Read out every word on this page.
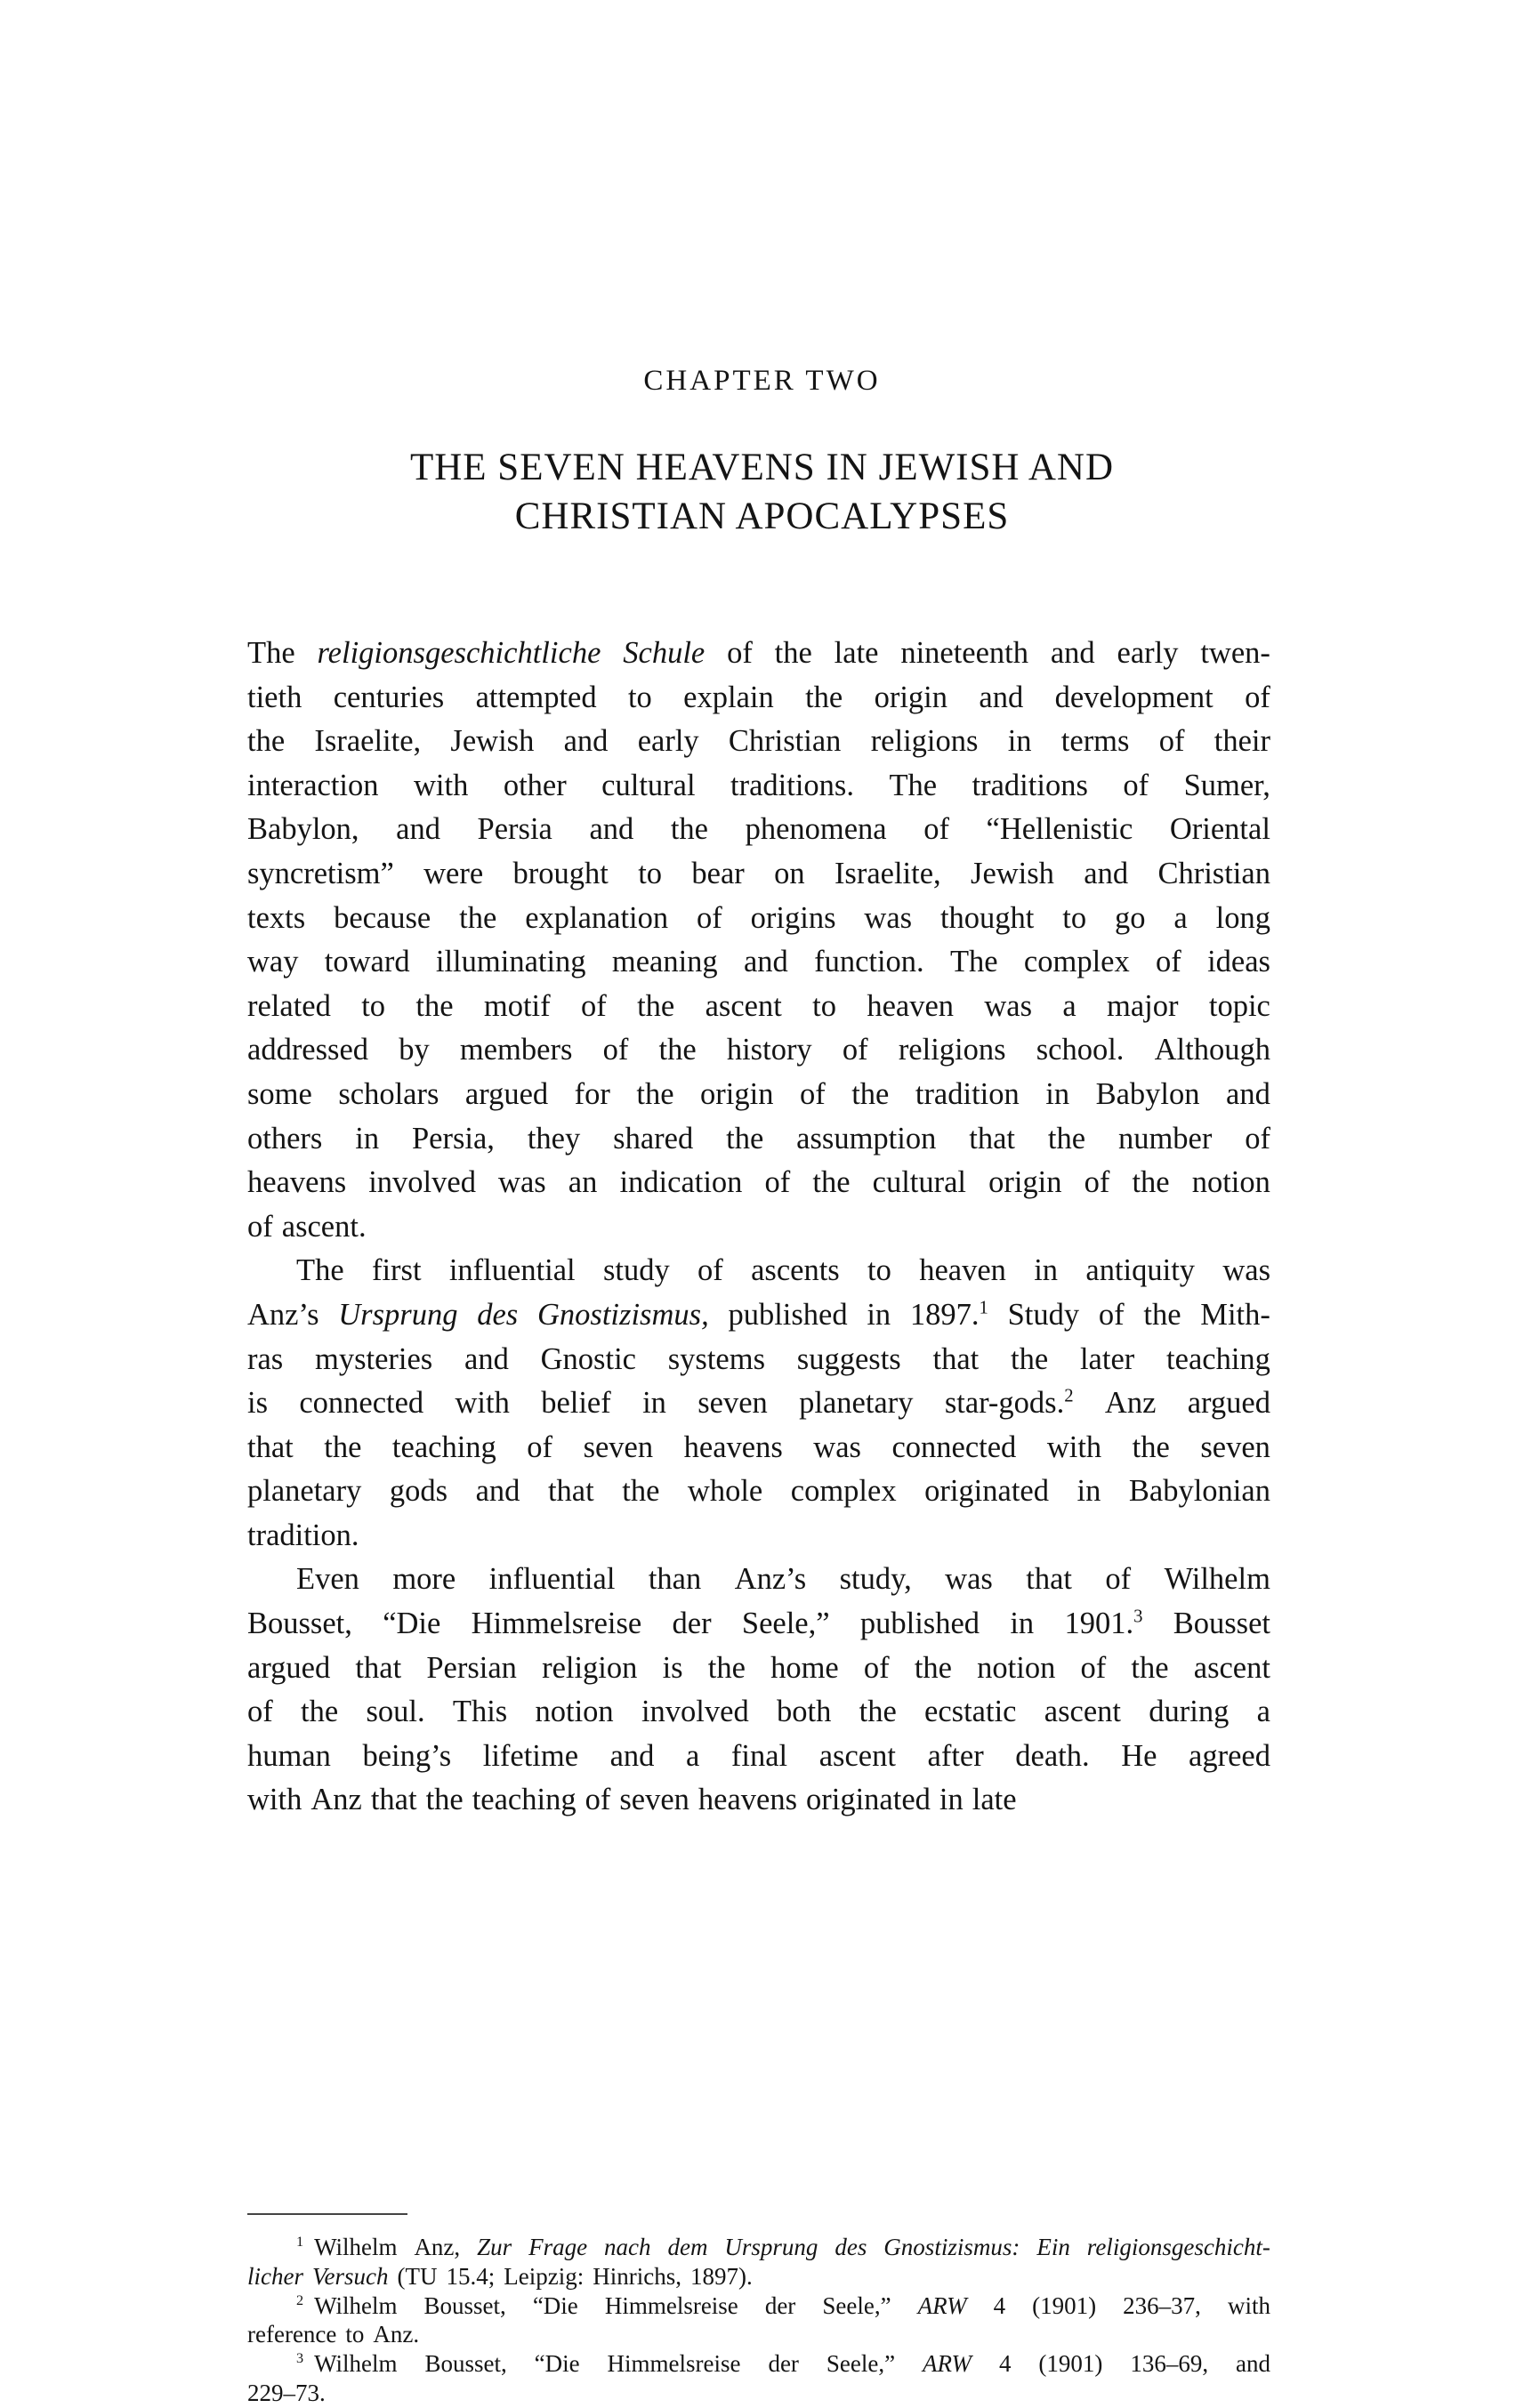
CHAPTER TWO
THE SEVEN HEAVENS IN JEWISH AND
CHRISTIAN APOCALYPSES
The religionsgeschichtliche Schule of the late nineteenth and early twen-
tieth centuries attempted to explain the origin and development of
the Israelite, Jewish and early Christian religions in terms of their
interaction with other cultural traditions. The traditions of Sumer,
Babylon, and Persia and the phenomena of “Hellenistic Oriental
syncretism” were brought to bear on Israelite, Jewish and Christian
texts because the explanation of origins was thought to go a long
way toward illuminating meaning and function. The complex of ideas
related to the motif of the ascent to heaven was a major topic
addressed by members of the history of religions school. Although
some scholars argued for the origin of the tradition in Babylon and
others in Persia, they shared the assumption that the number of
heavens involved was an indication of the cultural origin of the notion
of ascent.
The first influential study of ascents to heaven in antiquity was
Anz’s Ursprung des Gnostizismus, published in 1897.$^1$ Study of the Mith-
ras mysteries and Gnostic systems suggests that the later teaching
is connected with belief in seven planetary star-gods.$^2$ Anz argued
that the teaching of seven heavens was connected with the seven
planetary gods and that the whole complex originated in Babylonian
tradition.
Even more influential than Anz’s study, was that of Wilhelm
Bousset, “Die Himmelsreise der Seele,” published in 1901.$^3$ Bousset
argued that Persian religion is the home of the notion of the ascent
of the soul. This notion involved both the ecstatic ascent during a
human being’s lifetime and a final ascent after death. He agreed
with Anz that the teaching of seven heavens originated in late
$^1$ Wilhelm Anz, Zur Frage nach dem Ursprung des Gnostizismus: Ein religionsgeschicht-
licher Versuch (TU 15.4; Leipzig: Hinrichs, 1897).
$^2$ Wilhelm Bousset, “Die Himmelsreise der Seele,” ARW 4 (1901) 236–37, with
reference to Anz.
$^3$ Wilhelm Bousset, “Die Himmelsreise der Seele,” ARW 4 (1901) 136–69, and
229–73.
